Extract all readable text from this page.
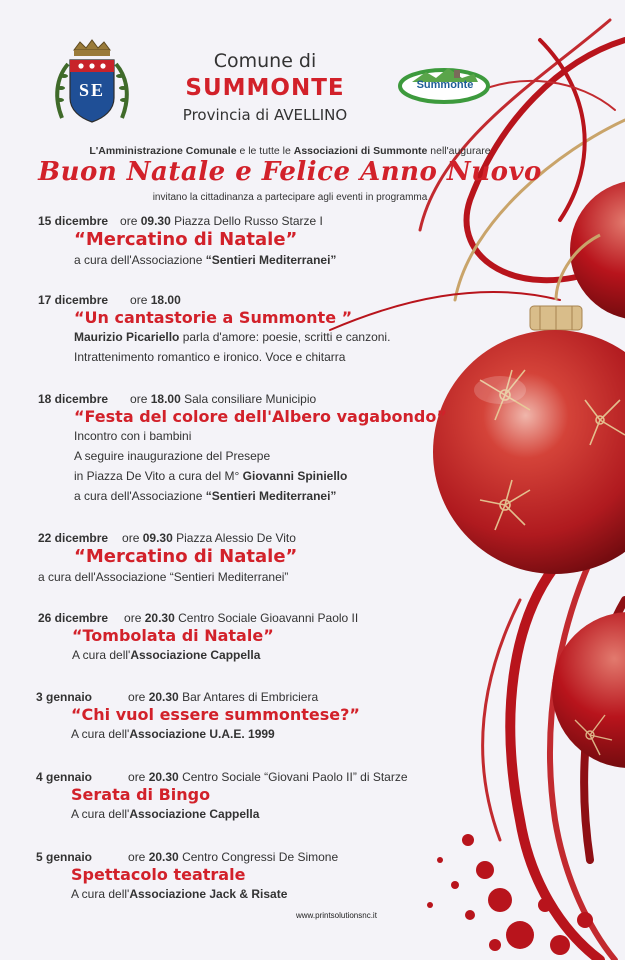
SE	Summonte
Comune di
SUMMONTE
Provincia di AVELLINO
L'Amministrazione Comunale e le tutte le Associazioni di Summonte nell'augurare
Buon Natale e Felice Anno Nuovo
invitano la cittadinanza a partecipare agli eventi in programma
15 dicembre ore 09.30 Piazza Dello Russo Starze I
“Mercatino di Natale”
a cura dell'Associazione “Sentieri Mediterranei”
17 dicembre ore 18.00
“Un cantastorie a Summonte ”
Maurizio Picariello parla d'amore: poesie, scritti e canzoni.
Intrattenimento romantico e ironico. Voce e chitarra
18 dicembre ore 18.00 Sala consiliare Municipio
“Festa del colore dell'Albero vagabondo”
Incontro con i bambini
A seguire inaugurazione del Presepe
in Piazza De Vito a cura del M° Giovanni Spiniello
a cura dell'Associazione “Sentieri Mediterranei”
22 dicembre ore 09.30 Piazza Alessio De Vito
“Mercatino di Natale”
a cura dell'Associazione “Sentieri Mediterranei”
26 dicembre ore 20.30 Centro Sociale Gioavanni Paolo II
“Tombolata di Natale”
A cura dell'Associazione Cappella
3 gennaio	ore 20.30 Bar Antares di Embriciera
“Chi vuol essere summontese?”
A cura dell'Associazione U.A.E. 1999
4 gennaio	ore 20.30 Centro Sociale “Giovani Paolo II” di Starze
Serata di Bingo
A cura dell'Associazione Cappella
5 gennaio	ore 20.30 Centro Congressi De Simone
Spettacolo teatrale
A cura dell'Associazione Jack & Risate
www.printsolutionsnc.it
